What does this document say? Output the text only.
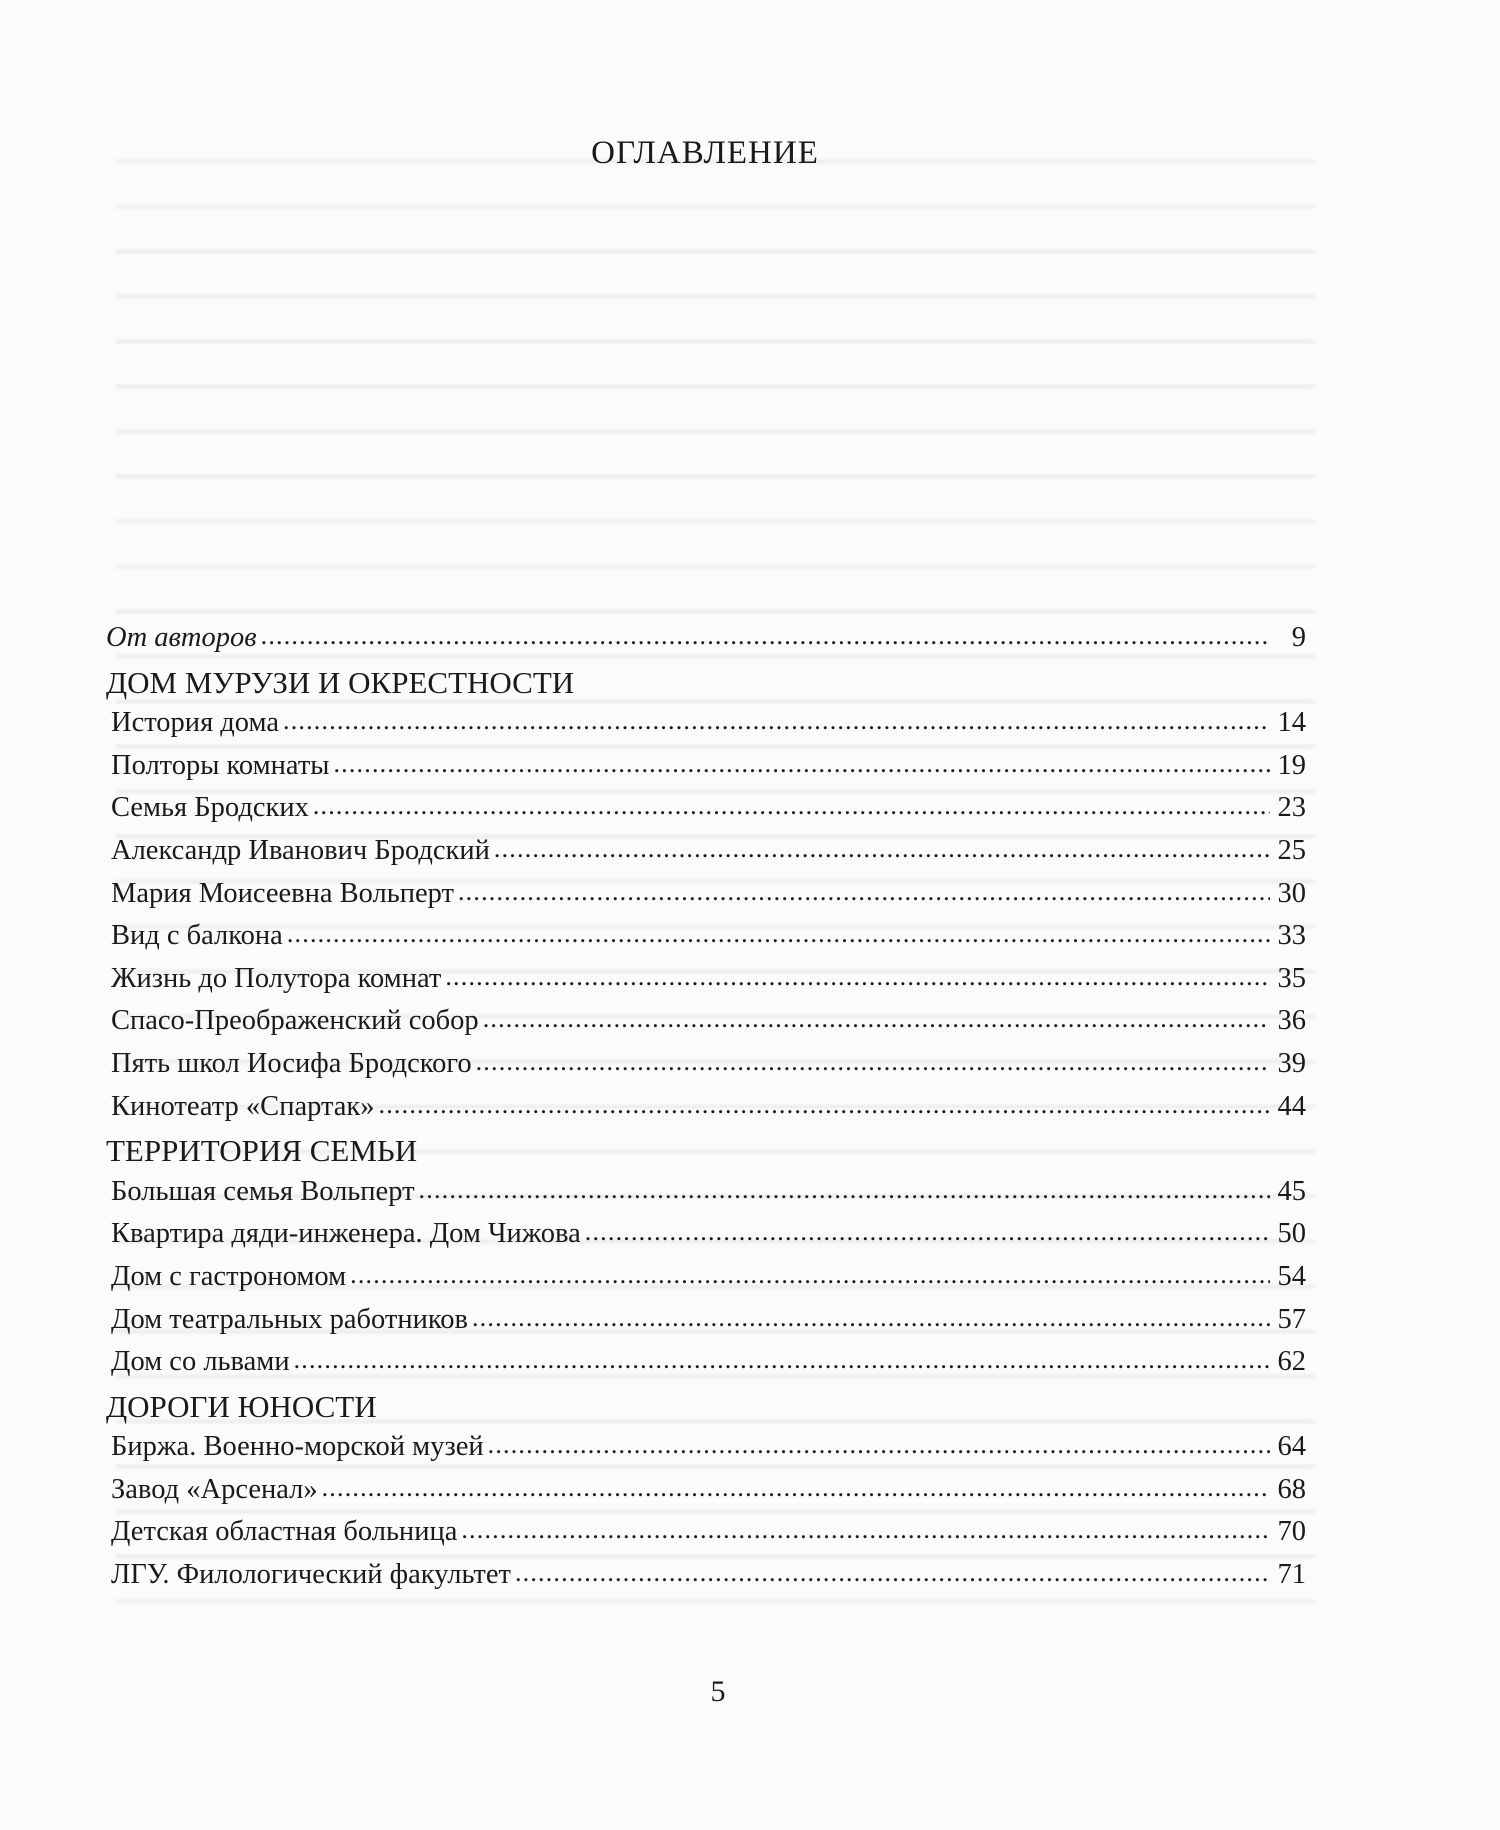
ОГЛАВЛЕНИЕ
От авторов .....	9
ДОМ МУРУЗИ И ОКРЕСТНОСТИ
История дома .....	14
Полторы комнаты .....	19
Семья Бродских .....	23
Александр Иванович Бродский .....	25
Мария Моисеевна Вольперт .....	30
Вид с балкона .....	33
Жизнь до Полутора комнат .....	35
Спасо-Преображенский собор .....	36
Пять школ Иосифа Бродского .....	39
Кинотеатр «Спартак» .....	44
ТЕРРИТОРИЯ СЕМЬИ
Большая семья Вольперт .....	45
Квартира дяди-инженера. Дом Чижова .....	50
Дом с гастрономом .....	54
Дом театральных работников .....	57
Дом со львами .....	62
ДОРОГИ ЮНОСТИ
Биржа. Военно-морской музей .....	64
Завод «Арсенал» .....	68
Детская областная больница .....	70
ЛГУ. Филологический факультет .....	71
5
